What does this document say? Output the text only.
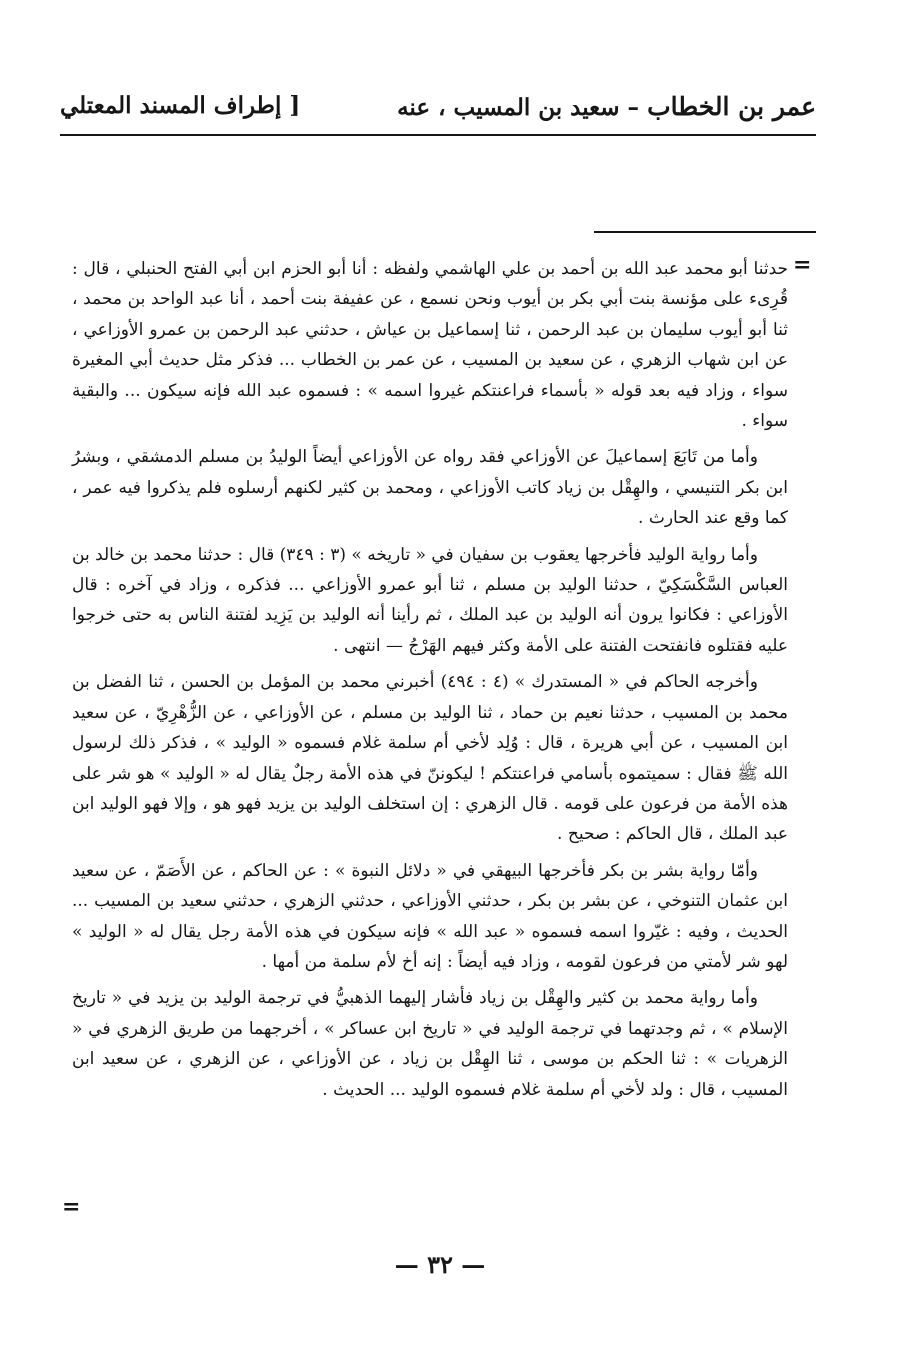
عمر بن الخطاب – سعيد بن المسيب ، عنه
[ إطراف المسند المعتلي
=

حدثنا أبو محمد عبد الله بن أحمد بن علي الهاشمي ولفظه : أنا أبو الحزم ابن أبي الفتح الحنبلي ، قال : قُرِىء على مؤنسة بنت أبي بكر بن أيوب ونحن نسمع ، عن عفيفة بنت أحمد ، أنا عبد الواحد بن محمد ، ثنا أبو أيوب سليمان بن عبد الرحمن ، ثنا إسماعيل بن عياش ، حدثني عبد الرحمن بن عمرو الأوزاعي ، عن ابن شهاب الزهري ، عن سعيد بن المسيب ، عن عمر بن الخطاب ... فذكر مثل حديث أبي المغيرة سواء ، وزاد فيه بعد قوله « بأسماء فراعنتكم غيروا اسمه » : فسموه عبد الله فإنه سيكون ... والبقية سواء .

وأما من تَابَعَ إسماعيلَ عن الأوزاعي فقد رواه عن الأوزاعي أيضاً الوليدُ بن مسلم الدمشقي ، وبشرُ ابن بكر التنيسي ، والهِقْل بن زياد كاتب الأوزاعي ، ومحمد بن كثير لكنهم أرسلوه فلم يذكروا فيه عمر ، كما وقع عند الحارث .

وأما رواية الوليد فأخرجها يعقوب بن سفيان في « تاريخه » (٣ : ٣٤٩) قال : حدثنا محمد بن خالد بن العباس السَّكْسَكِيّ ، حدثنا الوليد بن مسلم ، ثنا أبو عمرو الأوزاعي ... فذكره ، وزاد في آخره : قال الأوزاعي : فكانوا يرون أنه الوليد بن عبد الملك ، ثم رأينا أنه الوليد بن يَزِيد لفتنة الناس به حتى خرجوا عليه فقتلوه فانفتحت الفتنة على الأمة وكثر فيهم الهَرْجُ — انتهى .

وأخرجه الحاكم في « المستدرك » (٤ : ٤٩٤) أخبرني محمد بن المؤمل بن الحسن ، ثنا الفضل بن محمد بن المسيب ، حدثنا نعيم بن حماد ، ثنا الوليد بن مسلم ، عن الأوزاعي ، عن الزُّهْرِيّ ، عن سعيد ابن المسيب ، عن أبي هريرة ، قال : وُلِد لأخي أم سلمة غلام فسموه « الوليد » ، فذكر ذلك لرسول الله ﷺ فقال : سميتموه بأسامي فراعنتكم ! ليكوننّ في هذه الأمة رجلٌ يقال له « الوليد » هو شر على هذه الأمة من فرعون على قومه . قال الزهري : إن استخلف الوليد بن يزيد فهو هو ، وإلا فهو الوليد ابن عبد الملك ، قال الحاكم : صحيح .

وأمّا رواية بشر بن بكر فأخرجها البيهقي في « دلائل النبوة » : عن الحاكم ، عن الأَصَمّ ، عن سعيد ابن عثمان التنوخي ، عن بشر بن بكر ، حدثني الأوزاعي ، حدثني الزهري ، حدثني سعيد بن المسيب ... الحديث ، وفيه : غيّروا اسمه فسموه « عبد الله » فإنه سيكون في هذه الأمة رجل يقال له « الوليد » لهو شر لأمتي من فرعون لقومه ، وزاد فيه أيضاً : إنه أخ لأم سلمة من أمها .

وأما رواية محمد بن كثير والهِقْل بن زياد فأشار إليهما الذهبيُّ في ترجمة الوليد بن يزيد في « تاريخ الإسلام » ، ثم وجدتهما في ترجمة الوليد في « تاريخ ابن عساكر » ، أخرجهما من طريق الزهري في « الزهريات » : ثنا الحكم بن موسى ، ثنا الهِقْل بن زياد ، عن الأوزاعي ، عن الزهري ، عن سعيد ابن المسيب ، قال : ولد لأخي أم سلمة غلام فسموه الوليد ... الحديث .

=
— ٣٢ —
